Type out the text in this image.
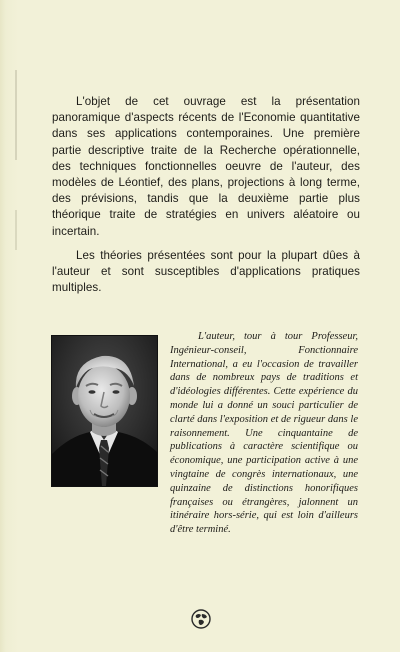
L'objet de cet ouvrage est la présentation panoramique d'aspects récents de l'Economie quantitative dans ses applications contemporaines. Une première partie descriptive traite de la Recherche opérationnelle, des techniques fonctionnelles oeuvre de l'auteur, des modèles de Léontief, des plans, projections à long terme, des prévisions, tandis que la deuxième partie plus théorique traite de stratégies en univers aléatoire ou incertain.

Les théories présentées sont pour la plupart dûes à l'auteur et sont susceptibles d'applications pratiques multiples.

L'auteur, tour à tour Professeur, Ingénieur-conseil, Fonctionnaire International, a eu l'occasion de travailler dans de nombreux pays de traditions et d'idéologies différentes. Cette expérience du monde lui a donné un souci particulier de clarté dans l'exposition et de rigueur dans le raisonnement. Une cinquantaine de publications à caractère scientifique ou économique, une participation active à une vingtaine de congrès internationaux, une quinzaine de distinctions honorifiques françaises ou étrangères, jalonnent un itinéraire hors-série, qui est loin d'ailleurs d'être terminé.
